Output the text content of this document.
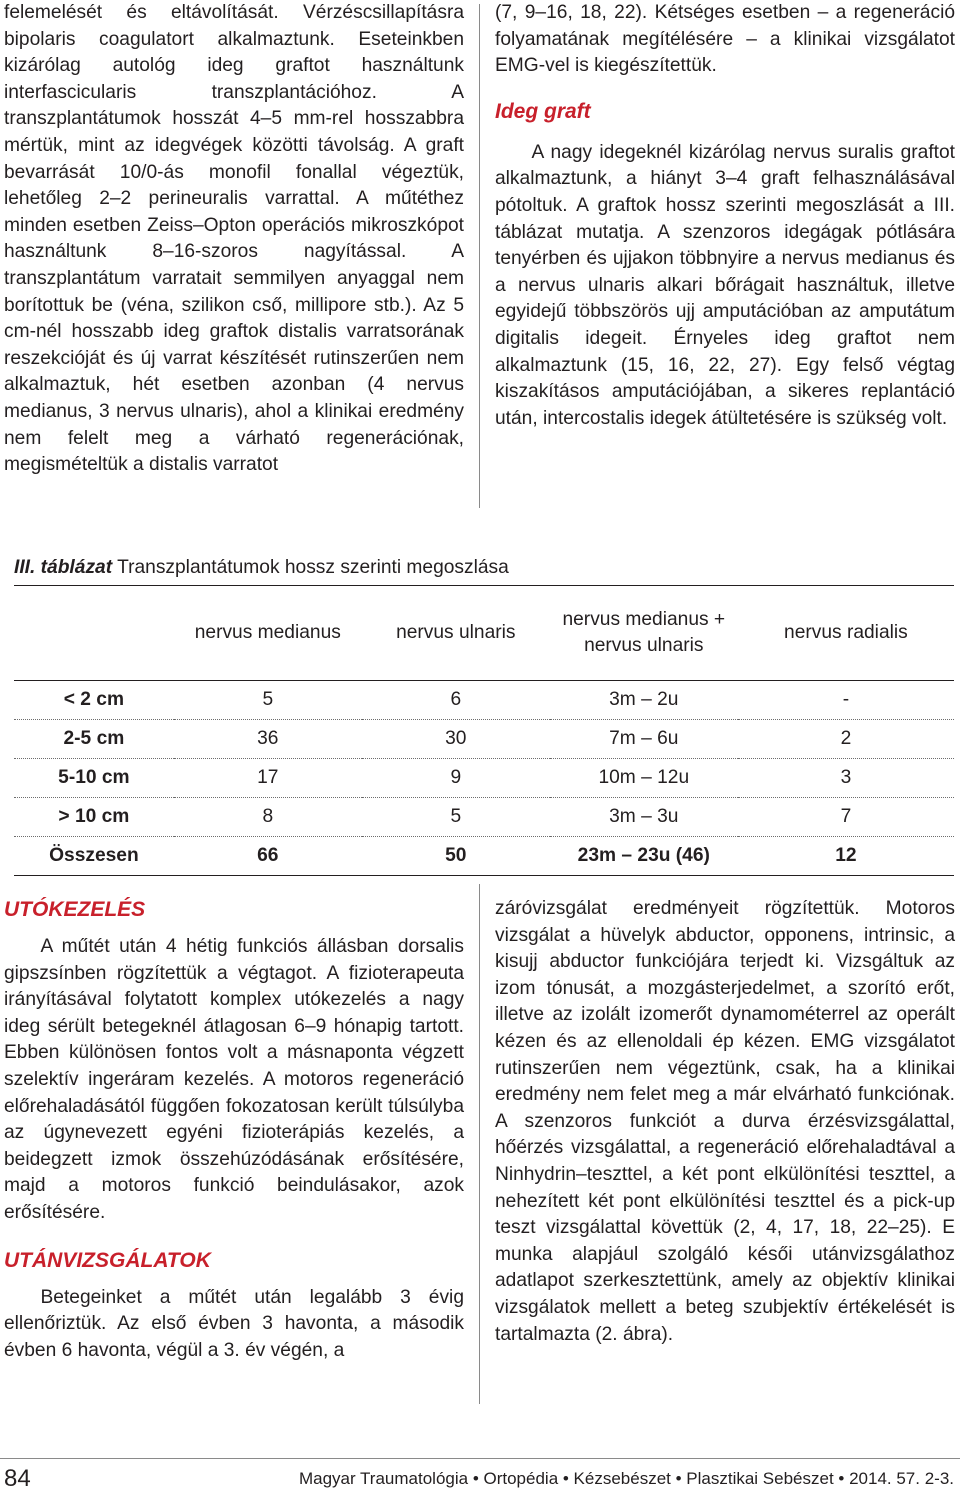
felemelését és eltávolítását. Vérzéscsillapításra bipolaris coagulatort alkalmaztunk. Eseteinkben kizárólag autológ ideg graftot használtunk interfascicularis transzplantációhoz. A transzplantátumok hosszát 4–5 mm-rel hosszabbra mértük, mint az idegvégek közötti távolság. A graft bevarrását 10/0-ás monofil fonallal végeztük, lehetőleg 2–2 perineuralis varrattal. A műtéthez minden esetben Zeiss–Opton operációs mikroszkópot használtunk 8–16-szoros nagyítással. A transzplantátum varratait semmilyen anyaggal nem borítottuk be (véna, szilikon cső, millipore stb.). Az 5 cm-nél hosszabb ideg graftok distalis varratsorának reszekcióját és új varrat készítését rutinszerűen nem alkalmaztuk, hét esetben azonban (4 nervus medianus, 3 nervus ulnaris), ahol a klinikai eredmény nem felelt meg a várható regenerációnak, megismételtük a distalis varratot

(7, 9–16, 18, 22). Kétséges esetben – a regeneráció folyamatának megítélésére – a klinikai vizsgálatot EMG-vel is kiegészítettük.

Ideg graft

A nagy idegeknél kizárólag nervus suralis graftot alkalmaztunk, a hiányt 3–4 graft felhasználásával pótoltuk. A graftok hossz szerinti megoszlását a III. táblázat mutatja. A szenzoros idegágak pótlására tenyérben és ujjakon többnyire a nervus medianus és a nervus ulnaris alkari bőrágait használtuk, illetve egyidejű többszörös ujj amputációban az amputátum digitalis idegeit. Érnyeles ideg graftot nem alkalmaztunk (15, 16, 22, 27). Egy felső végtag kiszakításos amputációjában, a sikeres replantáció után, intercostalis idegek átültetésére is szükség volt.

III. táblázat Transzplantátumok hossz szerinti megoszlása
	nervus medianus	nervus ulnaris	nervus medianus + nervus ulnaris	nervus radialis
< 2 cm	5	6	3m – 2u	-
2-5 cm	36	30	7m – 6u	2
5-10 cm	17	9	10m – 12u	3
> 10 cm	8	5	3m – 3u	7
Összesen	66	50	23m – 23u (46)	12
UTÓKEZELÉS

A műtét után 4 hétig funkciós állásban dorsalis gipszsínben rögzítettük a végtagot. A fizioterapeuta irányításával folytatott komplex utókezelés a nagy ideg sérült betegeknél átlagosan 6–9 hónapig tartott. Ebben különösen fontos volt a másnaponta végzett szelektív ingeráram kezelés. A motoros regeneráció előrehaladásától függően fokozatosan került túlsúlyba az úgynevezett egyéni fizioterápiás kezelés, a beidegzett izmok összehúzódásának erősítésére, majd a motoros funkció beindulásakor, azok erősítésére.

UTÁNVIZSGÁLATOK

Betegeinket a műtét után legalább 3 évig ellenőriztük. Az első évben 3 havonta, a második évben 6 havonta, végül a 3. év végén, a

záróvizsgálat eredményeit rögzítettük. Motoros vizsgálat a hüvelyk abductor, opponens, intrinsic, a kisujj abductor funkciójára terjedt ki. Vizsgáltuk az izom tónusát, a mozgásterjedelmet, a szorító erőt, illetve az izolált izomerőt dynamométerrel az operált kézen és az ellenoldali ép kézen. EMG vizsgálatot rutinszerűen nem végeztünk, csak, ha a klinikai eredmény nem felet meg a már elvárható funkciónak. A szenzoros funkciót a durva érzésvizsgálattal, hőérzés vizsgálattal, a regeneráció előrehaladtával a Ninhydrin–teszttel, a két pont elkülönítési teszttel, a nehezített két pont elkülönítési teszttel és a pick-up teszt vizsgálattal követtük (2, 4, 17, 18, 22–25). E munka alapjául szolgáló késői utánvizsgálathoz adatlapot szerkesztettünk, amely az objektív klinikai vizsgálatok mellett a beteg szubjektív értékelését is tartalmazta (2. ábra).

84	Magyar Traumatológia • Ortopédia • Kézsebészet • Plasztikai Sebészet • 2014. 57. 2-3.
